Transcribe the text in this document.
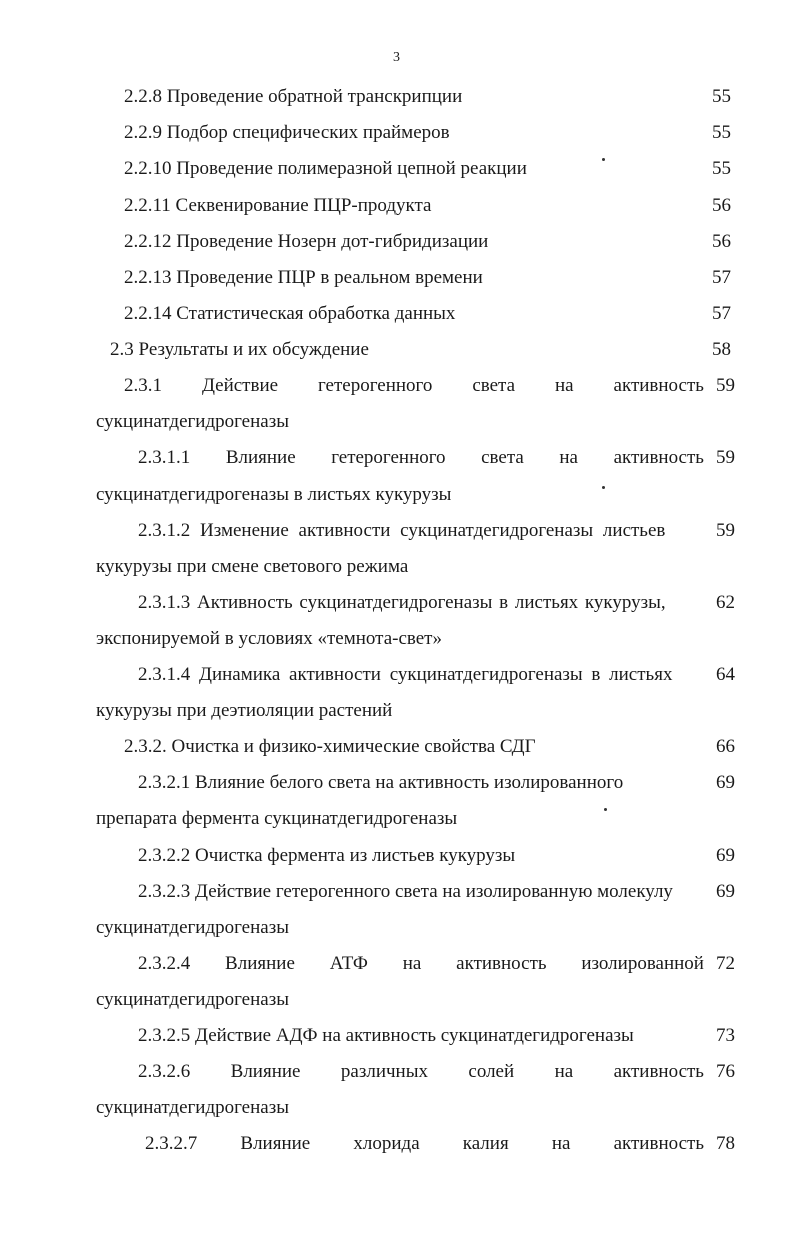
3
2.2.8 Проведение обратной транскрипции	55
2.2.9 Подбор специфических праймеров	55
2.2.10 Проведение полимеразной цепной реакции	55
2.2.11 Секвенирование ПЦР-продукта	56
2.2.12 Проведение Нозерн дот-гибридизации	56
2.2.13 Проведение ПЦР в реальном времени	57
2.2.14 Статистическая обработка данных	57
2.3 Результаты и их обсуждение	58
2.3.1 Действие гетерогенного света на активность 59
сукцинатдегидрогеназы
2.3.1.1 Влияние гетерогенного света на активность 59
сукцинатдегидрогеназы в листьях кукурузы
2.3.1.2 Изменение активности сукцинатдегидрогеназы листьев	59
кукурузы при смене светового режима
2.3.1.3 Активность сукцинатдегидрогеназы в листьях кукурузы,	62
экспонируемой в условиях «темнота-свет»
2.3.1.4 Динамика активности сукцинатдегидрогеназы в листьях 64
кукурузы при деэтиоляции растений
2.3.2. Очистка и физико-химические свойства СДГ	66
2.3.2.1 Влияние белого света на активность изолированного	69
препарата фермента сукцинатдегидрогеназы
2.3.2.2 Очистка фермента из листьев кукурузы	69
2.3.2.3 Действие гетерогенного света на изолированную молекулу 69
сукцинатдегидрогеназы
2.3.2.4 Влияние АТФ на активность изолированной 72
сукцинатдегидрогеназы
2.3.2.5 Действие АДФ на активность сукцинатдегидрогеназы	73
2.3.2.6 Влияние различных солей на активность 76
сукцинатдегидрогеназы
2.3.2.7 Влияние хлорида калия на активность 78
